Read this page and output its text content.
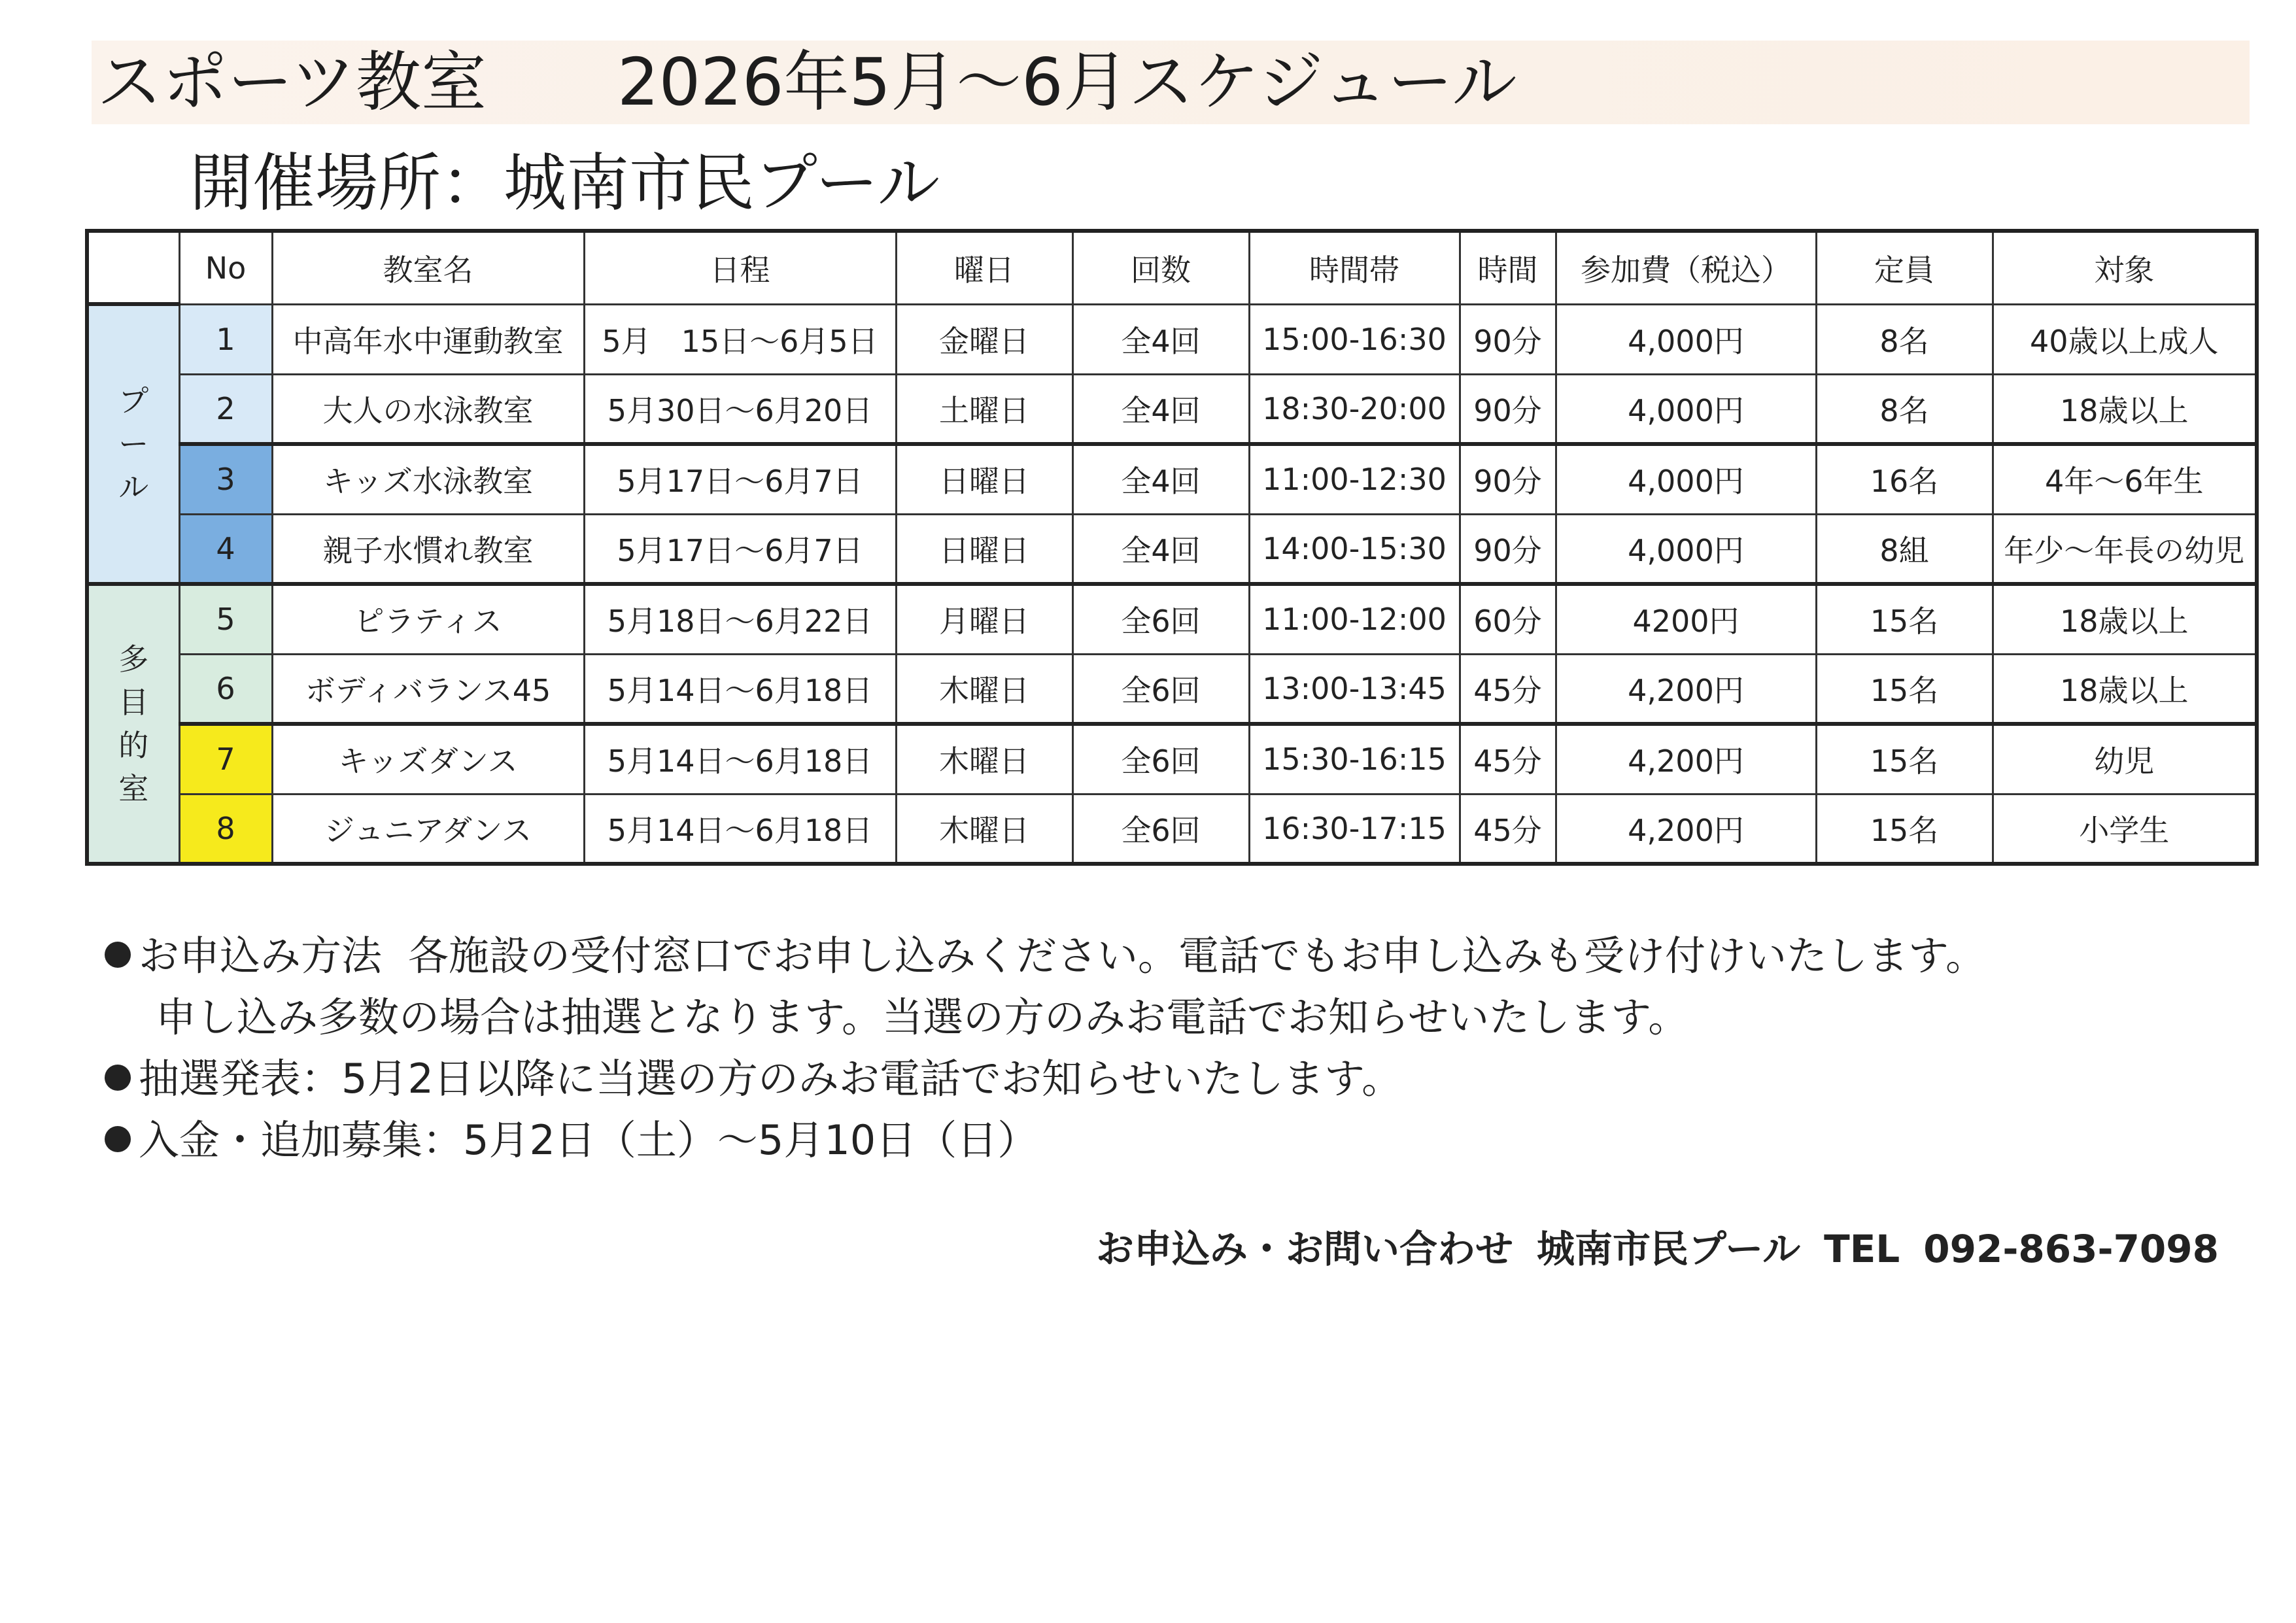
スポーツ教室 2026年5月～6月スケジュール
開催場所：城南市民プール
	No	教室名	日程	曜日	回数	時間帯	時間	参加費（税込）	定員	対象

プ
ー
ル	1	中高年水中運動教室	5月　15日～6月5日	金曜日	全4回	15:00-16:30	90分	4,000円	8名	40歳以上成人
	2	大人の水泳教室	5月30日～6月20日	土曜日	全4回	18:30-20:00	90分	4,000円	8名	18歳以上
	3	キッズ水泳教室	5月17日～6月7日	日曜日	全4回	11:00-12:30	90分	4,000円	16名	4年～6年生
	4	親子水慣れ教室	5月17日～6月7日	日曜日	全4回	14:00-15:30	90分	4,000円	8組	年少～年長の幼児

多
目
的
室	5	ピラティス	5月18日～6月22日	月曜日	全6回	11:00-12:00	60分	4200円	15名	18歳以上
	6	ボディバランス45	5月14日～6月18日	木曜日	全6回	13:00-13:45	45分	4,200円	15名	18歳以上
	7	キッズダンス	5月14日～6月18日	木曜日	全6回	15:30-16:15	45分	4,200円	15名	幼児
	8	ジュニアダンス	5月14日～6月18日	木曜日	全6回	16:30-17:15	45分	4,200円	15名	小学生
お申込み方法 各施設の受付窓口でお申し込みください。電話でもお申し込みも受け付けいたします。
申し込み多数の場合は抽選となります。当選の方のみお電話でお知らせいたします。
抽選発表：5月2日以降に当選の方のみお電話でお知らせいたします。
入金・追加募集：5月2日（土）～5月10日（日）
お申込み・お問い合わせ 城南市民プール TEL 092-863-7098
